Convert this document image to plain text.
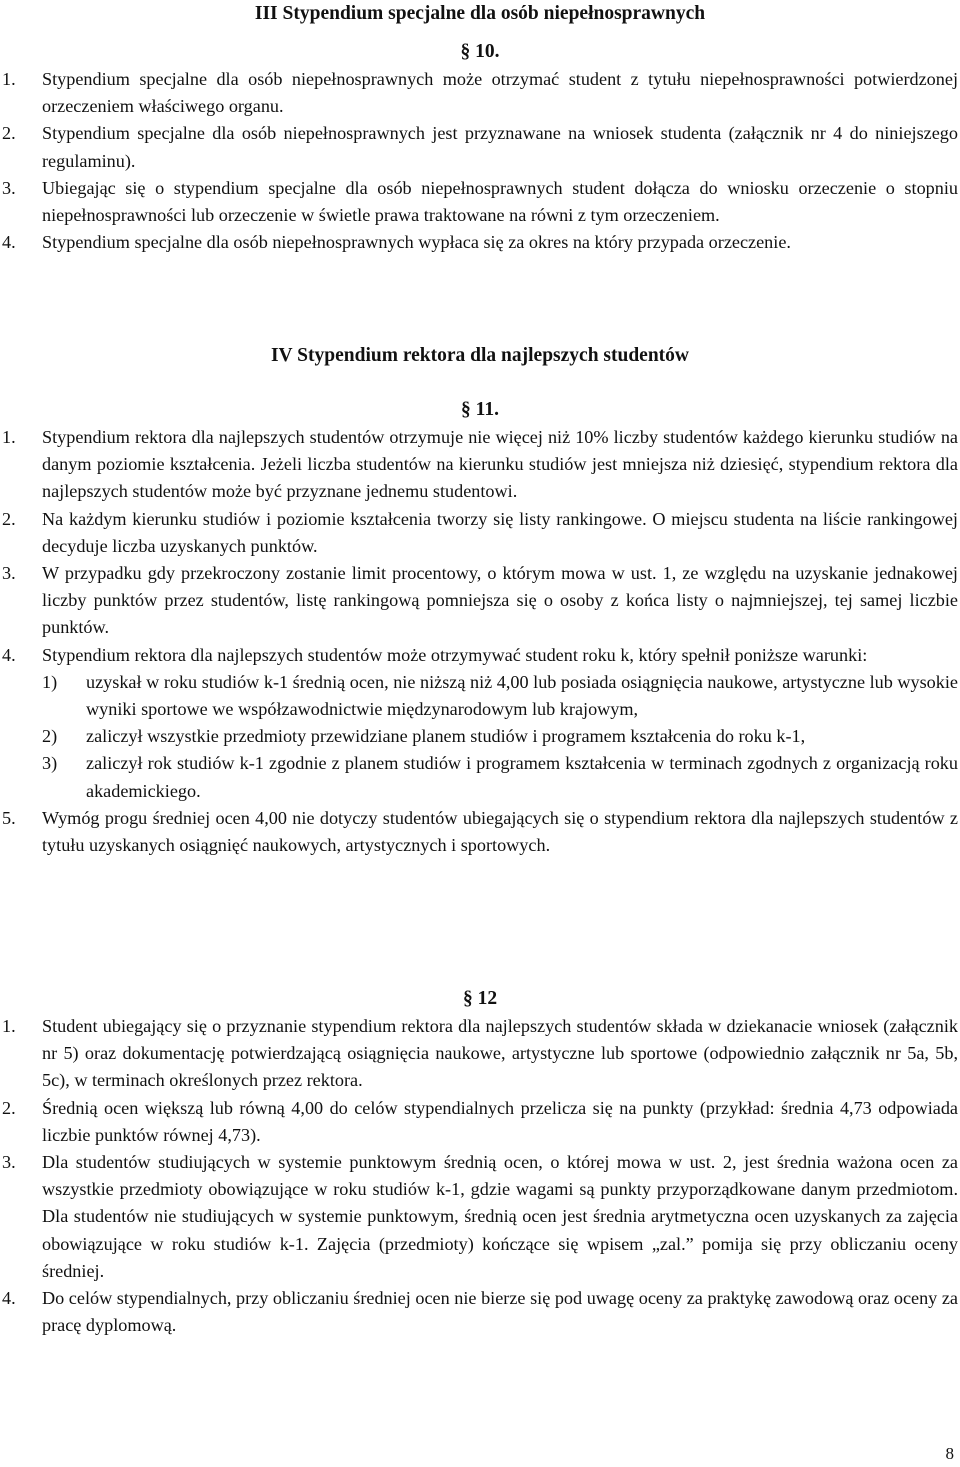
III Stypendium specjalne dla osób niepełnosprawnych
§ 10.
1. Stypendium specjalne dla osób niepełnosprawnych może otrzymać student z tytułu niepełnosprawności potwierdzonej orzeczeniem właściwego organu.
2. Stypendium specjalne dla osób niepełnosprawnych jest przyznawane na wniosek studenta (załącznik nr 4 do niniejszego regulaminu).
3. Ubiegając się o stypendium specjalne dla osób niepełnosprawnych student dołącza do wniosku orzeczenie o stopniu niepełnosprawności lub orzeczenie w świetle prawa traktowane na równi z tym orzeczeniem.
4. Stypendium specjalne dla osób niepełnosprawnych wypłaca się za okres na który przypada orzeczenie.
IV Stypendium rektora dla najlepszych studentów
§ 11.
1. Stypendium rektora dla najlepszych studentów otrzymuje nie więcej niż 10% liczby studentów każdego kierunku studiów na danym poziomie kształcenia. Jeżeli liczba studentów na kierunku studiów jest mniejsza niż dziesięć, stypendium rektora dla najlepszych studentów może być przyznane jednemu studentowi.
2. Na każdym kierunku studiów i poziomie kształcenia tworzy się listy rankingowe. O miejscu studenta na liście rankingowej decyduje liczba uzyskanych punktów.
3. W przypadku gdy przekroczony zostanie limit procentowy, o którym mowa w ust. 1, ze względu na uzyskanie jednakowej liczby punktów przez studentów, listę rankingową pomniejsza się o osoby z końca listy o najmniejszej, tej samej liczbie punktów.
4. Stypendium rektora dla najlepszych studentów może otrzymywać student roku k, który spełnił poniższe warunki:
1) uzyskał w roku studiów k-1 średnią ocen, nie niższą niż 4,00 lub posiada osiągnięcia naukowe, artystyczne lub wysokie wyniki sportowe we współzawodnictwie międzynarodowym lub krajowym,
2) zaliczył wszystkie przedmioty przewidziane planem studiów i programem kształcenia do roku k-1,
3) zaliczył rok studiów k-1 zgodnie z planem studiów i programem kształcenia w terminach zgodnych z organizacją roku akademickiego.
5. Wymóg progu średniej ocen 4,00 nie dotyczy studentów ubiegających się o stypendium rektora dla najlepszych studentów z tytułu uzyskanych osiągnięć naukowych, artystycznych i sportowych.
§ 12
1. Student ubiegający się o przyznanie stypendium rektora dla najlepszych studentów składa w dziekanacie wniosek (załącznik nr 5) oraz dokumentację potwierdzającą osiągnięcia naukowe, artystyczne lub sportowe (odpowiednio załącznik nr 5a, 5b, 5c), w terminach określonych przez rektora.
2. Średnią ocen większą lub równą 4,00 do celów stypendialnych przelicza się na punkty (przykład: średnia 4,73 odpowiada liczbie punktów równej 4,73).
3. Dla studentów studiujących w systemie punktowym średnią ocen, o której mowa w ust. 2, jest średnia ważona ocen za wszystkie przedmioty obowiązujące w roku studiów k-1, gdzie wagami są punkty przyporządkowane danym przedmiotom. Dla studentów nie studiujących w systemie punktowym, średnią ocen jest średnia arytmetyczna ocen uzyskanych za zajęcia obowiązujące w roku studiów k-1. Zajęcia (przedmioty) kończące się wpisem „zal.” pomija się przy obliczaniu oceny średniej.
4. Do celów stypendialnych, przy obliczaniu średniej ocen nie bierze się pod uwagę oceny za praktykę zawodową oraz oceny za pracę dyplomową.
8
